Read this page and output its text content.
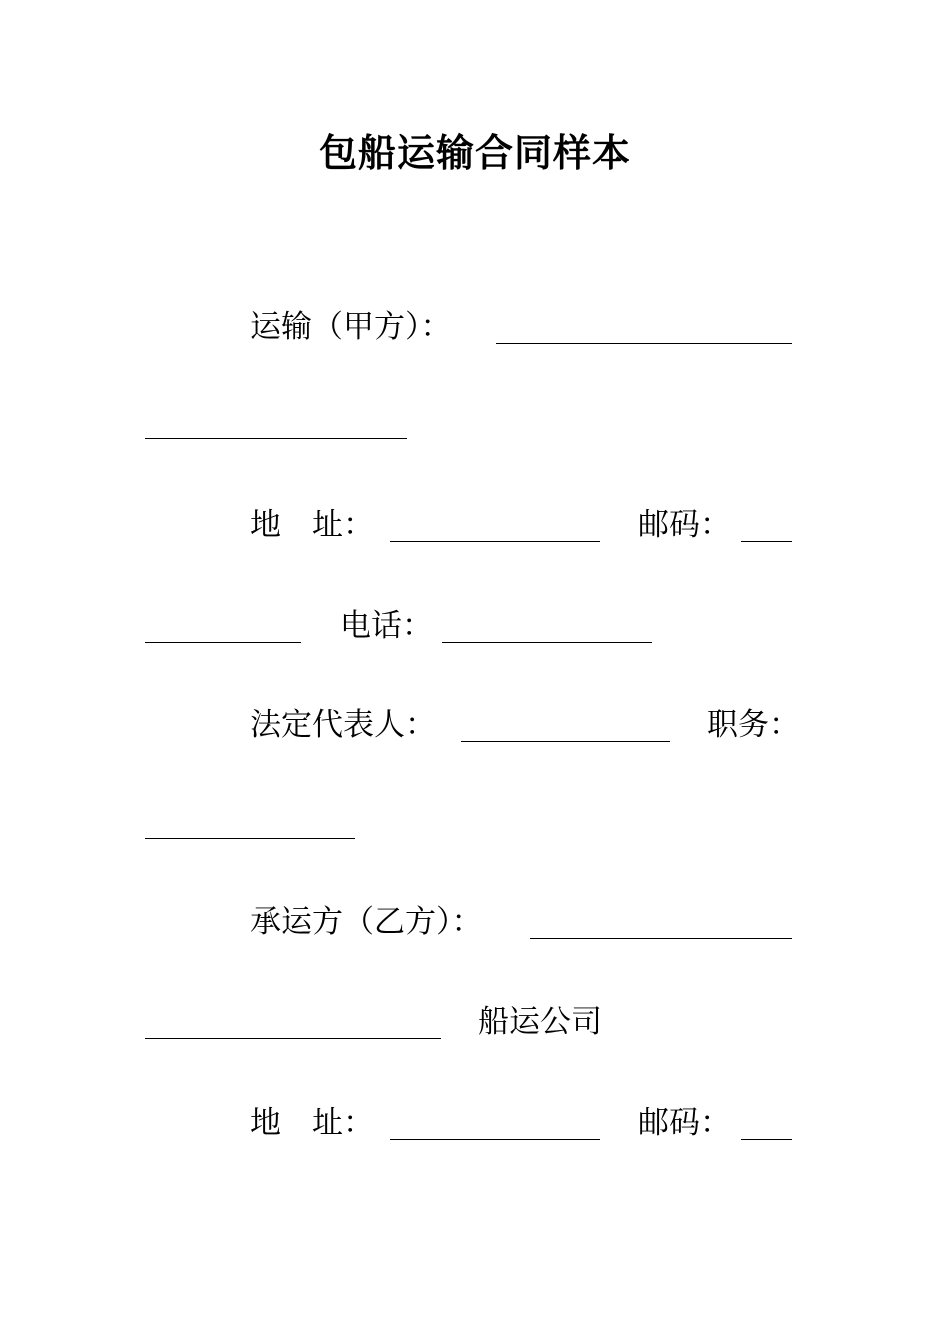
包船运输合同样本
运输（甲方）：
地　址：	邮码：
电话：
法定代表人：	职务：
承运方（乙方）：
船运公司
地　址：	邮码：
